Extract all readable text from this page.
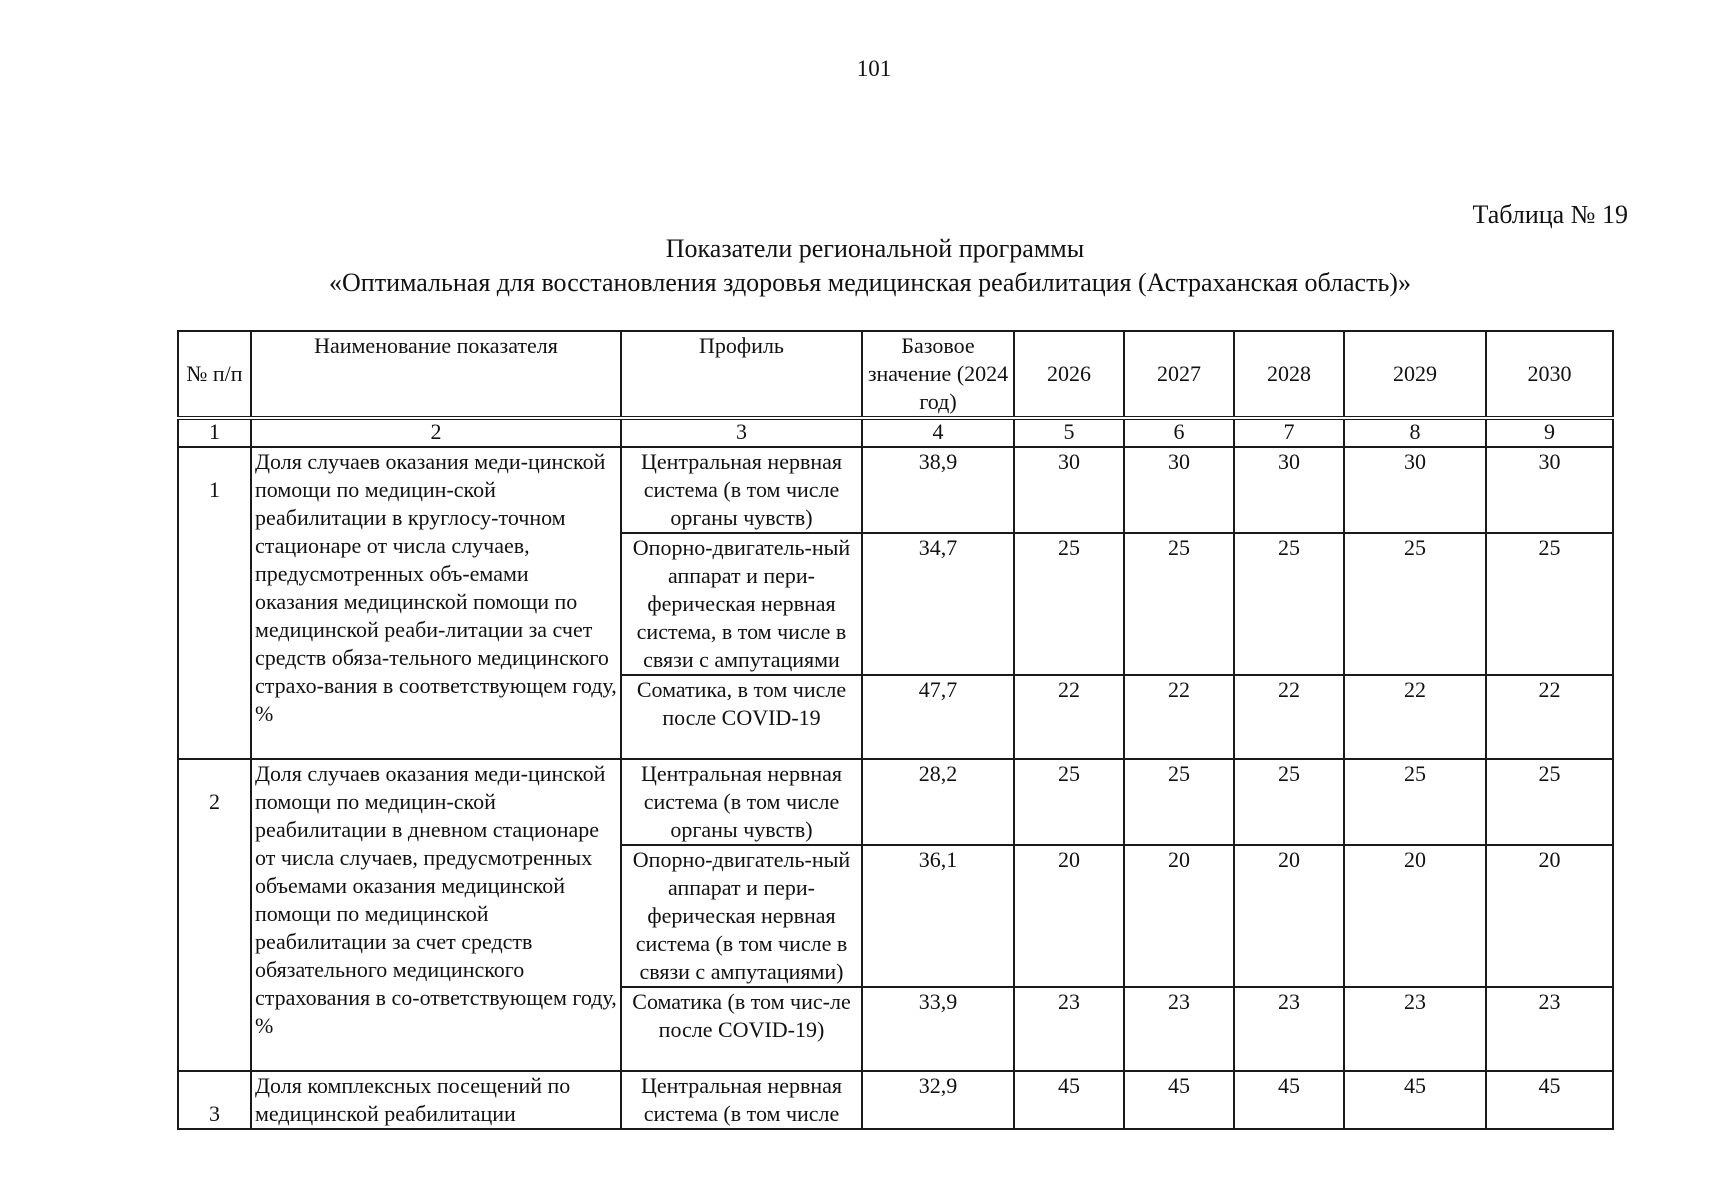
101
Таблица № 19
Показатели региональной программы
«Оптимальная для восстановления здоровья медицинская реабилитация (Астраханская область)»
№ п/п	Наименование показателя	Профиль	Базовое значение (2024 год)	2026	2027	2028	2029	2030
1	2	3	4	5	6	7	8	9
1	Доля случаев оказания меди-цинской помощи по медицин-ской реабилитации в круглосу-точном стационаре от числа случаев, предусмотренных объ-емами оказания медицинской помощи по медицинской реаби-литации за счет средств обяза-тельного медицинского страхо-вания в соответствующем году, %	Центральная нервная система (в том числе органы чувств)	38,9	30	30	30	30	30
		Опорно-двигатель-ный аппарат и пери-ферическая нервная система, в том числе в связи с ампутациями	34,7	25	25	25	25	25
		Соматика, в том числе после COVID-19	47,7	22	22	22	22	22
2	Доля случаев оказания меди-цинской помощи по медицин-ской реабилитации в дневном стационаре от числа случаев, предусмотренных объемами оказания медицинской помощи по медицинской реабилитации за счет средств обязательного медицинского страхования в со-ответствующем году, %	Центральная нервная система (в том числе органы чувств)	28,2	25	25	25	25	25
		Опорно-двигатель-ный аппарат и пери-ферическая нервная система (в том числе в связи с ампутациями)	36,1	20	20	20	20	20
		Соматика (в том чис-ле после COVID-19)	33,9	23	23	23	23	23
3	Доля комплексных посещений по медицинской реабилитации	Центральная нервная система (в том числе	32,9	45	45	45	45	45
